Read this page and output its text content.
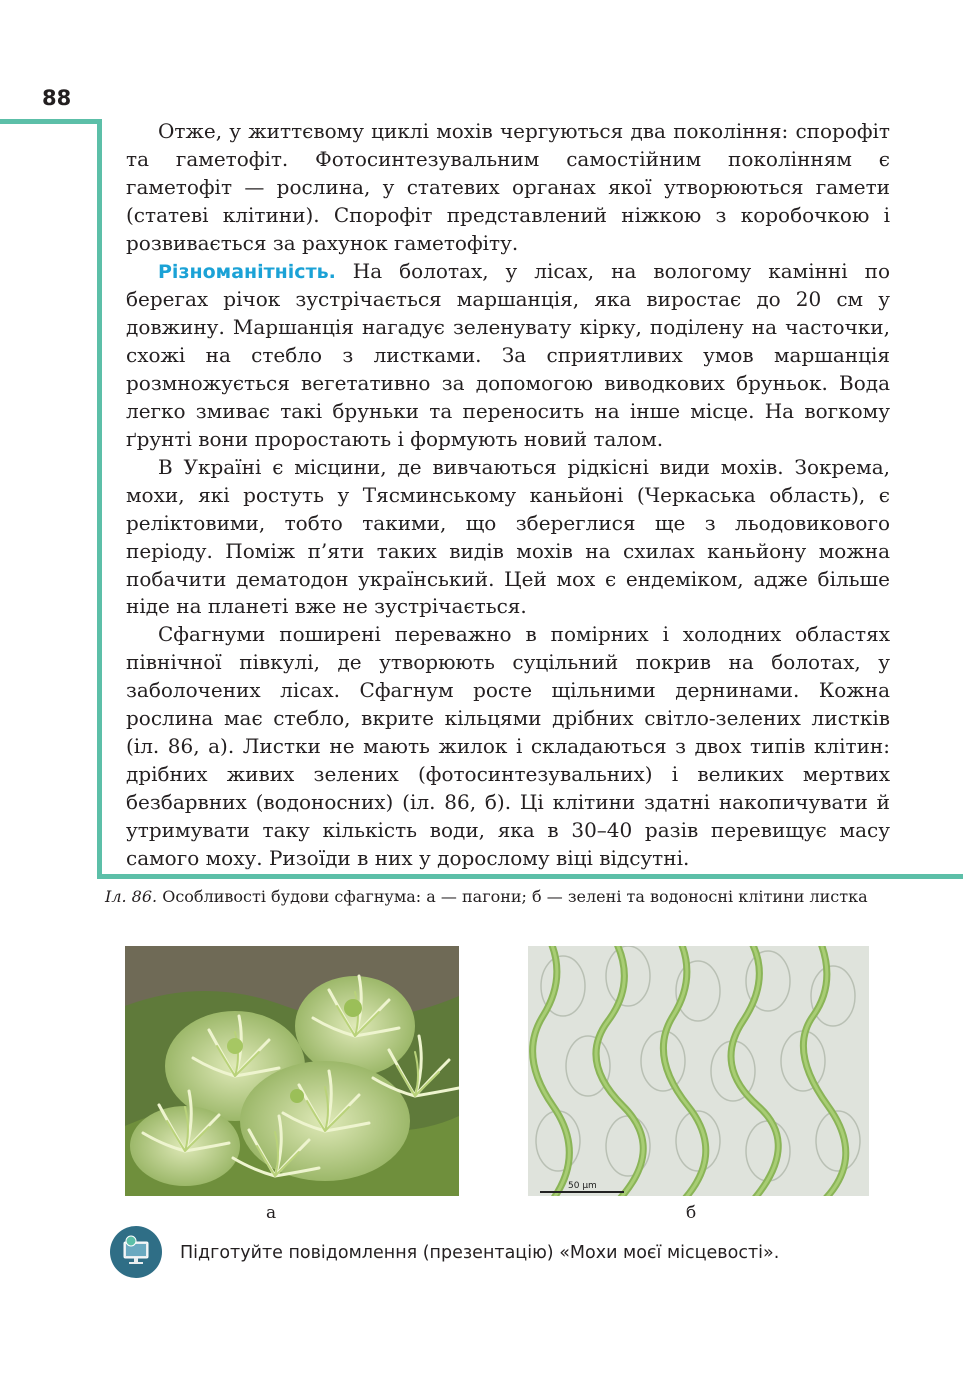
88

Отже, у життєвому циклі мохів чергуються два покоління: спорофіт та гаметофіт. Фотосинтезувальним самостійним поколінням є гаметофіт — рослина, у статевих органах якої утворюються гамети (статеві клітини). Спорофіт представлений ніжкою з коробочкою і розвивається за рахунок гаметофіту.

Різноманітність. На болотах, у лісах, на вологому камінні по берегах річок зустрічається маршанція, яка виростає до 20 см у довжину. Маршанція нагадує зеленувату кірку, поділену на часточки, схожі на стебло з листками. За сприятливих умов маршанція розмножується вегетативно за допомогою виводкових бруньок. Вода легко змиває такі бруньки та переносить на інше місце. На вогкому ґрунті вони проростають і формують новий талом.

В Україні є місцини, де вивчаються рідкісні види мохів. Зокрема, мохи, які ростуть у Тясминському каньйоні (Черкаська область), є реліктовими, тобто такими, що збереглися ще з льодовикового періоду. Поміж п’яти таких видів мохів на схилах каньйону можна побачити дематодон український. Цей мох є ендеміком, адже більше ніде на планеті вже не зустрічається.

Сфагнуми поширені переважно в помірних і холодних областях північної півкулі, де утворюють суцільний покрив на болотах, у заболочених лісах. Сфагнум росте щільними дернинами. Кожна рослина має стебло, вкрите кільцями дрібних світло-зелених листків (іл. 86, а). Листки не мають жилок і складаються з двох типів клітин: дрібних живих зелених (фотосинтезувальних) і великих мертвих безбарвних (водоносних) (іл. 86, б). Ці клітини здатні накопичувати й утримувати таку кількість води, яка в 30–40 разів перевищує масу самого моху. Ризоїди в них у дорослому віці відсутні.

Іл. 86. Особливості будови сфагнума: а — пагони; б — зелені та водоносні клітини листка
50 µm
а	б
Підготуйте повідомлення (презентацію) «Мохи моєї місцевості».
